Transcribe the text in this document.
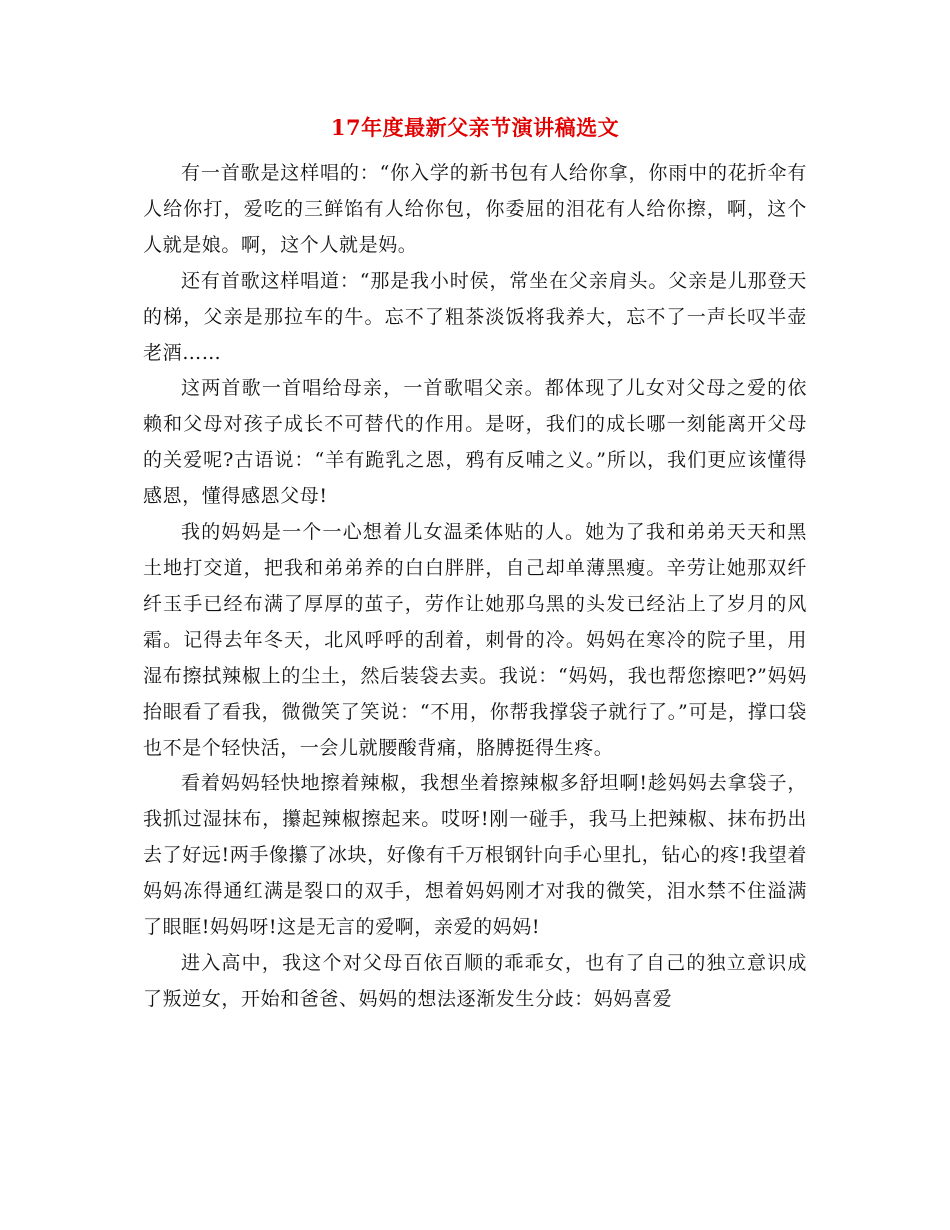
17年度最新父亲节演讲稿选文

有一首歌是这样唱的：“你入学的新书包有人给你拿，你雨中的花折伞有人给你打，爱吃的三鲜馅有人给你包，你委屈的泪花有人给你擦，啊，这个人就是娘。啊，这个人就是妈。

还有首歌这样唱道：“那是我小时侯，常坐在父亲肩头。父亲是儿那登天的梯，父亲是那拉车的牛。忘不了粗茶淡饭将我养大，忘不了一声长叹半壶老酒……

这两首歌一首唱给母亲，一首歌唱父亲。都体现了儿女对父母之爱的依赖和父母对孩子成长不可替代的作用。是呀，我们的成长哪一刻能离开父母的关爱呢?古语说：“羊有跪乳之恩，鸦有反哺之义。”所以，我们更应该懂得感恩，懂得感恩父母!

我的妈妈是一个一心想着儿女温柔体贴的人。她为了我和弟弟天天和黑土地打交道，把我和弟弟养的白白胖胖，自己却单薄黑瘦。辛劳让她那双纤纤玉手已经布满了厚厚的茧子，劳作让她那乌黑的头发已经沾上了岁月的风霜。记得去年冬天，北风呼呼的刮着，刺骨的冷。妈妈在寒冷的院子里，用湿布擦拭辣椒上的尘土，然后装袋去卖。我说：“妈妈，我也帮您擦吧?”妈妈抬眼看了看我，微微笑了笑说：“不用，你帮我撑袋子就行了。”可是，撑口袋也不是个轻快活，一会儿就腰酸背痛，胳膊挺得生疼。

看着妈妈轻快地擦着辣椒，我想坐着擦辣椒多舒坦啊!趁妈妈去拿袋子，我抓过湿抹布，攥起辣椒擦起来。哎呀!刚一碰手，我马上把辣椒、抹布扔出去了好远!两手像攥了冰块，好像有千万根钢针向手心里扎，钻心的疼!我望着妈妈冻得通红满是裂口的双手，想着妈妈刚才对我的微笑，泪水禁不住溢满了眼眶!妈妈呀!这是无言的爱啊，亲爱的妈妈!

进入高中，我这个对父母百依百顺的乖乖女，也有了自己的独立意识成了叛逆女，开始和爸爸、妈妈的想法逐渐发生分歧：妈妈喜爱
